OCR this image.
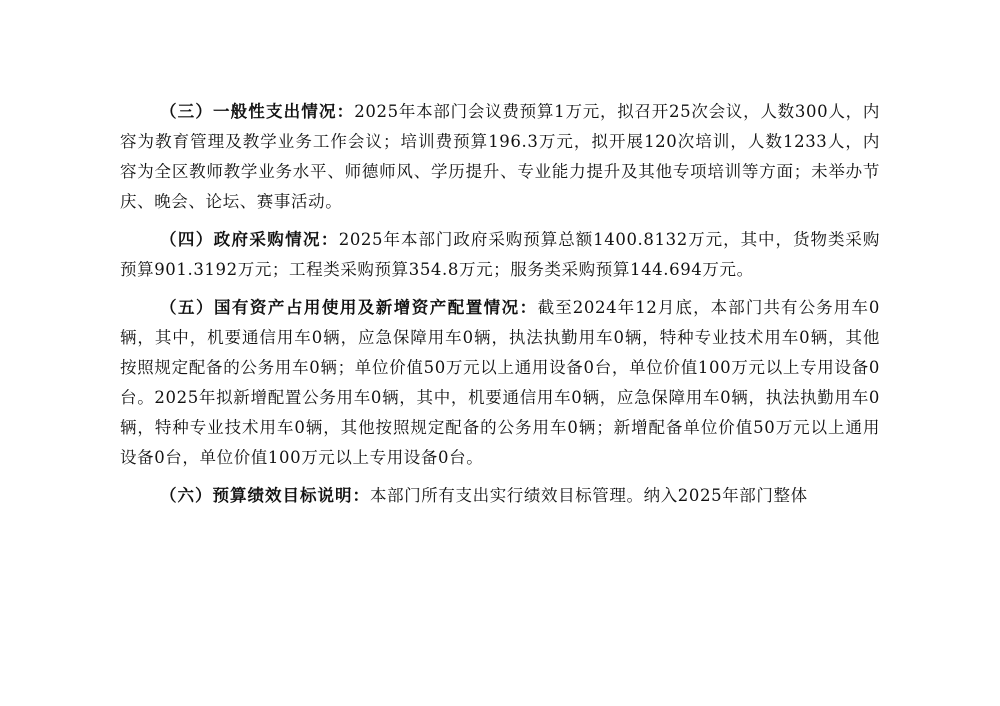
（三）一般性支出情况：2025年本部门会议费预算1万元，拟召开25次会议，人数300人，内容为教育管理及教学业务工作会议；培训费预算196.3万元，拟开展120次培训，人数1233人，内容为全区教师教学业务水平、师德师风、学历提升、专业能力提升及其他专项培训等方面；未举办节庆、晚会、论坛、赛事活动。

（四）政府采购情况：2025年本部门政府采购预算总额1400.8132万元，其中，货物类采购预算901.3192万元；工程类采购预算354.8万元；服务类采购预算144.694万元。

（五）国有资产占用使用及新增资产配置情况：截至2024年12月底，本部门共有公务用车0辆，其中，机要通信用车0辆，应急保障用车0辆，执法执勤用车0辆，特种专业技术用车0辆，其他按照规定配备的公务用车0辆；单位价值50万元以上通用设备0台，单位价值100万元以上专用设备0台。2025年拟新增配置公务用车0辆，其中，机要通信用车0辆，应急保障用车0辆，执法执勤用车0辆，特种专业技术用车0辆，其他按照规定配备的公务用车0辆；新增配备单位价值50万元以上通用设备0台，单位价值100万元以上专用设备0台。

（六）预算绩效目标说明：本部门所有支出实行绩效目标管理。纳入2025年部门整体
